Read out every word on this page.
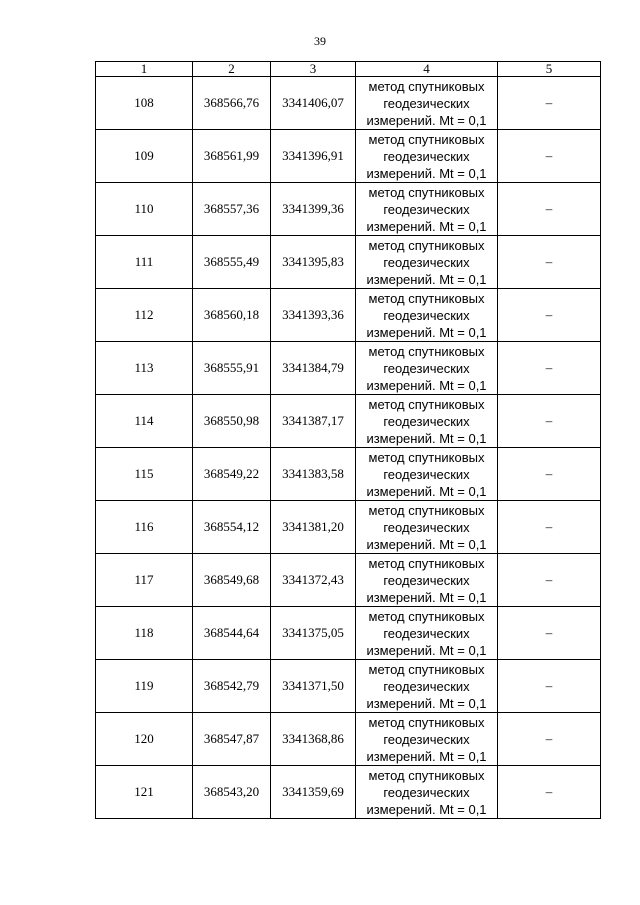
39
1	2	3	4	5
108	368566,76	3341406,07	метод спутниковых
геодезических
измерений. Mt = 0,1	–
109	368561,99	3341396,91	метод спутниковых
геодезических
измерений. Mt = 0,1	–
110	368557,36	3341399,36	метод спутниковых
геодезических
измерений. Mt = 0,1	–
111	368555,49	3341395,83	метод спутниковых
геодезических
измерений. Mt = 0,1	–
112	368560,18	3341393,36	метод спутниковых
геодезических
измерений. Mt = 0,1	–
113	368555,91	3341384,79	метод спутниковых
геодезических
измерений. Mt = 0,1	–
114	368550,98	3341387,17	метод спутниковых
геодезических
измерений. Mt = 0,1	–
115	368549,22	3341383,58	метод спутниковых
геодезических
измерений. Mt = 0,1	–
116	368554,12	3341381,20	метод спутниковых
геодезических
измерений. Mt = 0,1	–
117	368549,68	3341372,43	метод спутниковых
геодезических
измерений. Mt = 0,1	–
118	368544,64	3341375,05	метод спутниковых
геодезических
измерений. Mt = 0,1	–
119	368542,79	3341371,50	метод спутниковых
геодезических
измерений. Mt = 0,1	–
120	368547,87	3341368,86	метод спутниковых
геодезических
измерений. Mt = 0,1	–
121	368543,20	3341359,69	метод спутниковых
геодезических
измерений. Mt = 0,1	–
